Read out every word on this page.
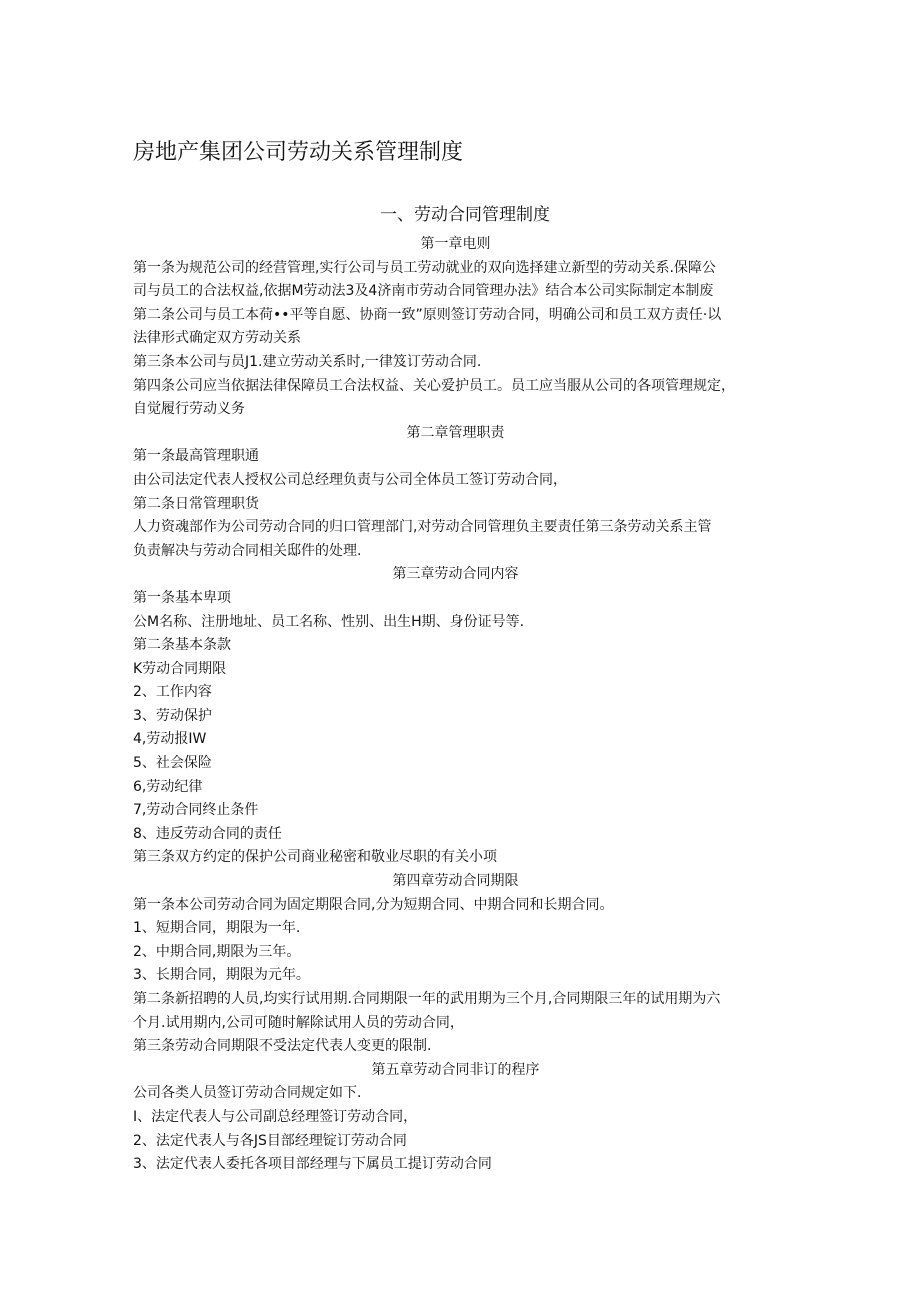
房地产集团公司劳动关系管理制度
一、劳动合同管理制度
第一章电则
第一条为规范公司的经营管理,实行公司与员工劳动就业的双向选择建立新型的劳动关系.保障公
司与员工的合法权益,依据M劳动法3及4济南市劳动合同管理办法》结合本公司实际制定本制废
第二条公司与员工本荷••平等自愿、协商一致”原则签订劳动合同，明确公司和员工双方责任·以
法律形式确定双方劳动关系
第三条本公司与员J1.建立劳动关系时,一律笈订劳动合同.
第四条公司应当依据法律保障员工合法权益、关心爱护员工。员工应当服从公司的各项管理规定，
自觉履行劳动义务
第二章管理职责
第一条最高管理职通
由公司法定代表人授权公司总经理负责与公司全体员工签订劳动合同，
第二条日常管理职货
人力资魂部作为公司劳动合同的归口管理部门,对劳动合同管理负主要责任第三条劳动关系主管
负责解决与劳动合同相关邸件的处理.
第三章劳动合同内容
第一条基本卑项
公M名称、注册地址、员工名称、性别、出生H期、身份证号等.
第二条基本条款
K劳动合同期限
2、工作内容
3、劳动保护
4,劳动报IW
5、社会保险
6,劳动纪律
7,劳动合同终止条件
8、违反劳动合同的责任
第三条双方约定的保护公司商业秘密和敬业尽职的有关小项
第四章劳动合同期限
第一条本公司劳动合同为固定期限合同,分为短期合同、中期合同和长期合同。
1、短期合同，期限为一年.
2、中期合同,期限为三年。
3、长期合同，期限为元年。
第二条新招聘的人员,均实行试用期.合同期限一年的武用期为三个月,合同期限三年的试用期为六
个月.试用期内,公司可随时解除试用人员的劳动合同，
第三条劳动合同期限不受法定代表人变更的限制.
第五章劳动合同非订的程序
公司各类人员签订劳动合同规定如下.
I、法定代表人与公司副总经理签订劳动合同，
2、法定代表人与各JS目部经理锭订劳动合同
3、法定代表人委托各项目部经理与下属员工提订劳动合同
